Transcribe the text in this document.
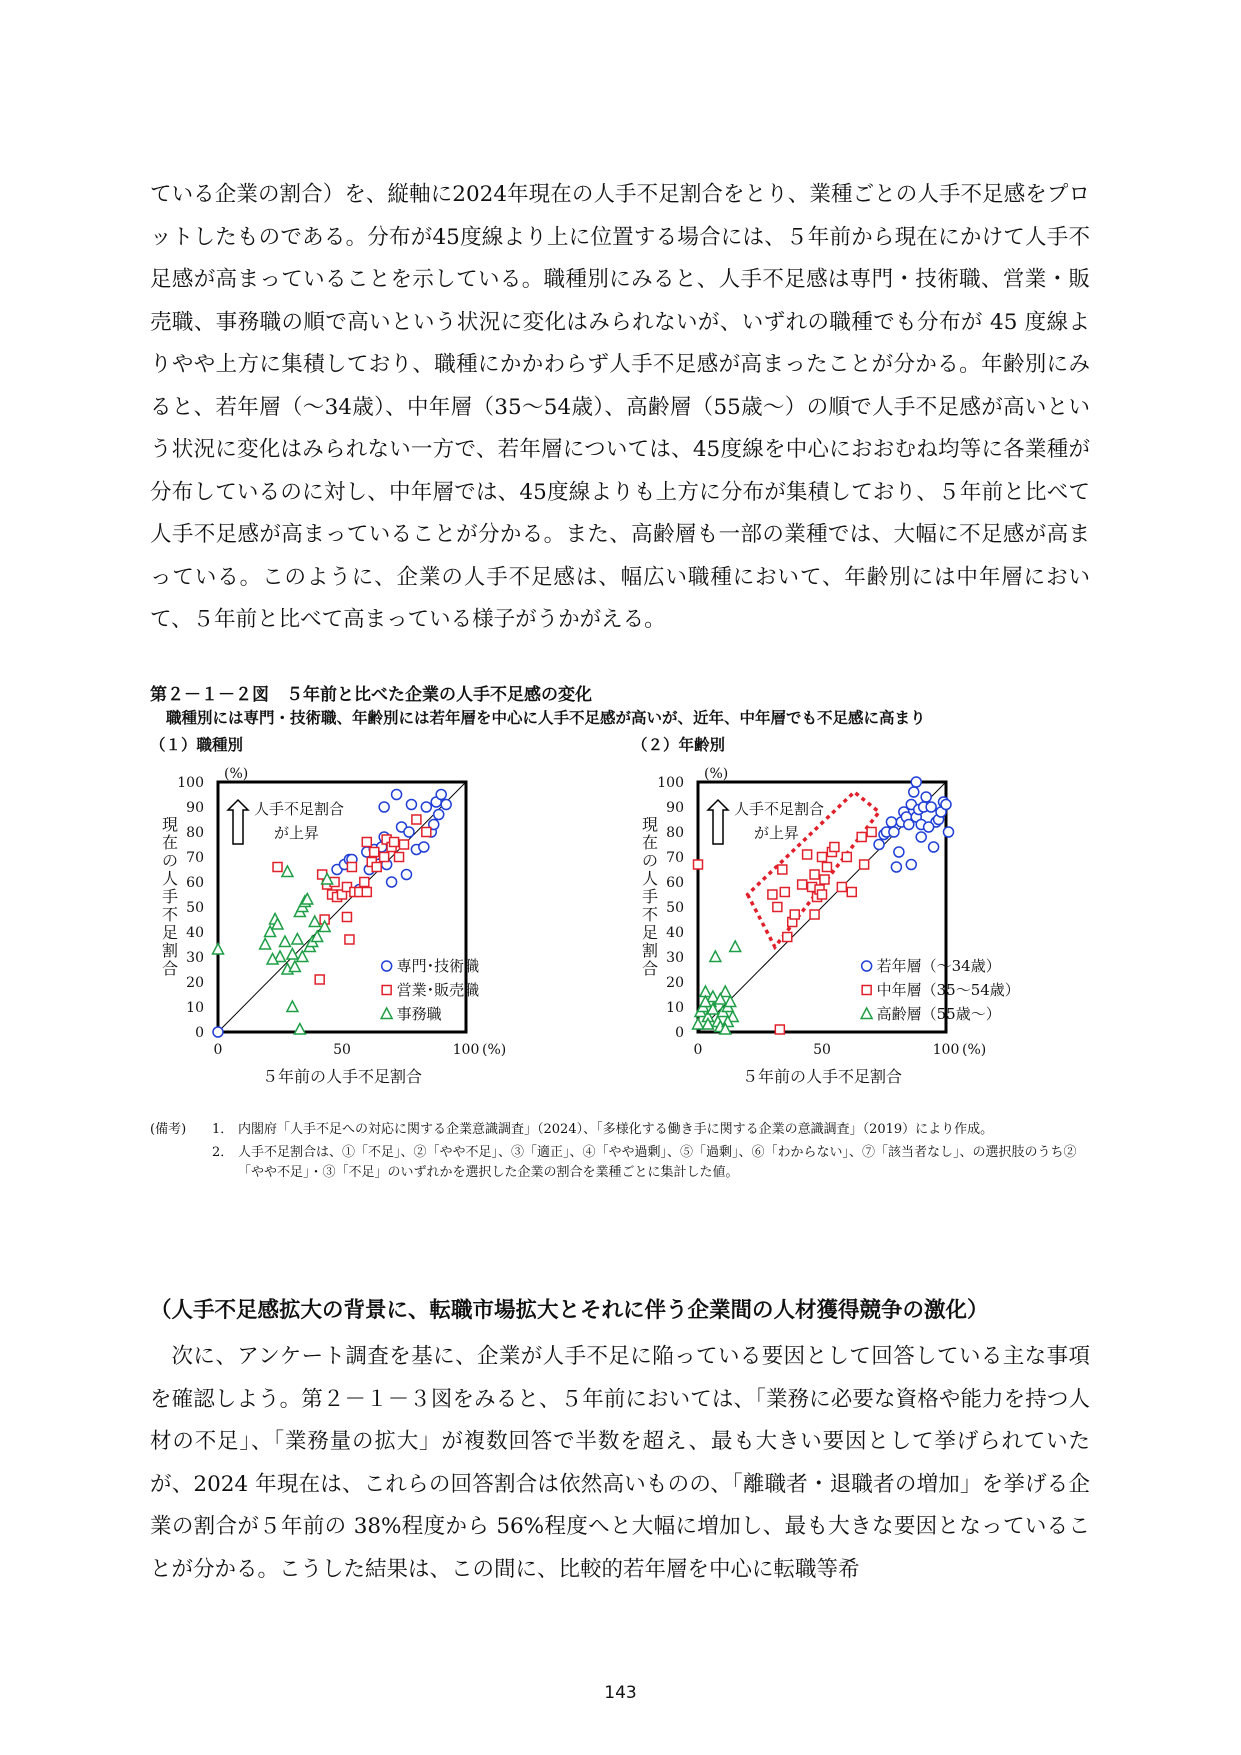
ている企業の割合）を、縦軸に2024年現在の人手不足割合をとり、業種ごとの人手不足感をプロットしたものである。分布が45度線より上に位置する場合には、５年前から現在にかけて人手不足感が高まっていることを示している。職種別にみると、人手不足感は専門・技術職、営業・販売職、事務職の順で高いという状況に変化はみられないが、いずれの職種でも分布が 45 度線よりやや上方に集積しており、職種にかかわらず人手不足感が高まったことが分かる。年齢別にみると、若年層（～34歳）、中年層（35～54歳）、高齢層（55歳～）の順で人手不足感が高いという状況に変化はみられない一方で、若年層については、45度線を中心におおむね均等に各業種が分布しているのに対し、中年層では、45度線よりも上方に分布が集積しており、５年前と比べて人手不足感が高まっていることが分かる。また、高齢層も一部の業種では、大幅に不足感が高まっている。このように、企業の人手不足感は、幅広い職種において、年齢別には中年層において、５年前と比べて高まっている様子がうかがえる。

第２－１－２図　５年前と比べた企業の人手不足感の変化
職種別には専門・技術職、年齢別には若年層を中心に人手不足感が高いが、近年、中年層でも不足感に高まり
（１）職種別	（２）年齢別
0
10
20
30
40
50
60
70
80
90
100
0	50	100 (%)
(%)
５年前の人手不足割合
現
在
の
人
手
不
足
割
合
人手不足割合
が上昇
専門･技術職
営業･販売職
事務職
0
10
20
30
40
50
60
70
80
90
100
0	50	100 (%)
(%)
５年前の人手不足割合
現
在
の
人
手
不
足
割
合
人手不足割合
が上昇
若年層（～34歳）
中年層（35～54歳）
高齢層（55歳～）
(備考)	1． 内閣府「人手不足への対応に関する企業意識調査」（2024）、「多様化する働き手に関する企業の意識調査」（2019）により作成。
2． 人手不足割合は、①「不足」、②「やや不足」、③「適正」、④「やや過剰」、⑤「過剰」、⑥「わからない」、⑦「該当者なし」、の選択肢のうち②「やや不足」・③「不足」のいずれかを選択した企業の割合を業種ごとに集計した値。
（人手不足感拡大の背景に、転職市場拡大とそれに伴う企業間の人材獲得競争の激化）

次に、アンケート調査を基に、企業が人手不足に陥っている要因として回答している主な事項を確認しよう。第２－１－３図をみると、５年前においては、「業務に必要な資格や能力を持つ人材の不足」、「業務量の拡大」が複数回答で半数を超え、最も大きい要因として挙げられていたが、2024 年現在は、これらの回答割合は依然高いものの、「離職者・退職者の増加」を挙げる企業の割合が５年前の 38%程度から 56%程度へと大幅に増加し、最も大きな要因となっていることが分かる。こうした結果は、この間に、比較的若年層を中心に転職等希

143
